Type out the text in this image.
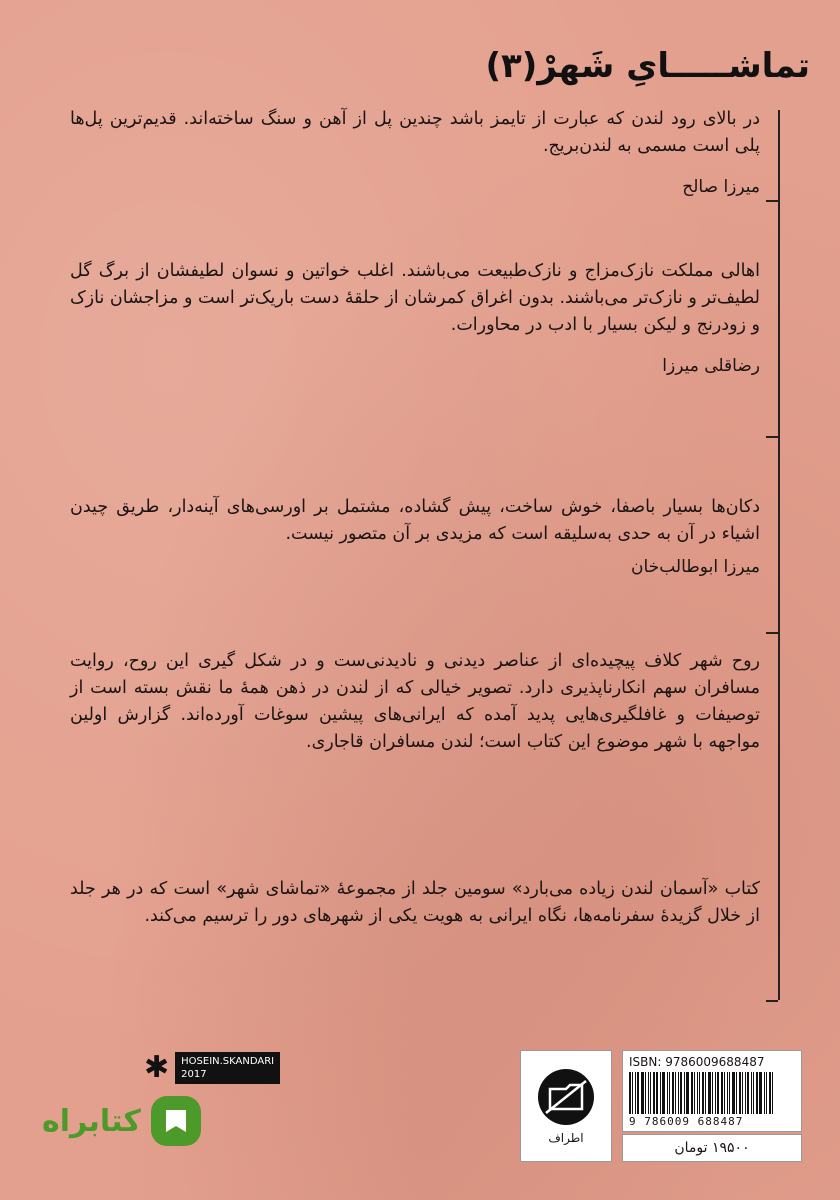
تماشـــــایِ شَهرْ(۳)

در بالای رود لندن که عبارت از تایمز باشد چندین پل از آهن و سنگ ساخته‌اند. قدیم‌ترین پل‌ها پلی است مسمی به لندن‌بریج.

میرزا صالح

اهالی مملکت نازک‌مزاج و نازک‌طبیعت می‌باشند. اغلب خواتین و نسوان لطیفشان از برگ گل لطیف‌تر و نازک‌تر می‌باشند. بدون اغراق کمرشان از حلقهٔ دست باریک‌تر است و مزاجشان نازک و زودرنج و لیکن بسیار با ادب در محاورات.

رضاقلی میرزا

دکان‌ها بسیار باصفا، خوش ساخت، پیش گشاده، مشتمل بر اورسی‌های آینه‌دار، طریق چیدن اشیاء در آن به حدی به‌سلیقه است که مزیدی بر آن متصور نیست.

میرزا ابوطالب‌خان

روح شهر کلاف پیچیده‌ای از عناصر دیدنی و نادیدنی‌ست و در شکل گیری این روح، روایت مسافران سهم انکارناپذیری دارد. تصویر خیالی که از لندن در ذهن همهٔ ما نقش بسته است از توصیفات و غافلگیری‌هایی پدید آمده که ایرانی‌های پیشین سوغات آورده‌اند. گزارش اولین مواجهه با شهر موضوع این کتاب است؛ لندن مسافران قاجاری.

کتاب «آسمان لندن زیاده می‌بارد» سومین جلد از مجموعهٔ «تماشای شهر» است که در هر جلد از خلال گزیدهٔ سفرنامه‌ها، نگاه ایرانی به هویت یکی از شهرهای دور را ترسیم می‌کند.

✱ HOSEIN.SKANDARI
2017
کتابراه	اطراف
ISBN: 9786009688487
9 786009 688487
۱۹۵۰۰ تومان
